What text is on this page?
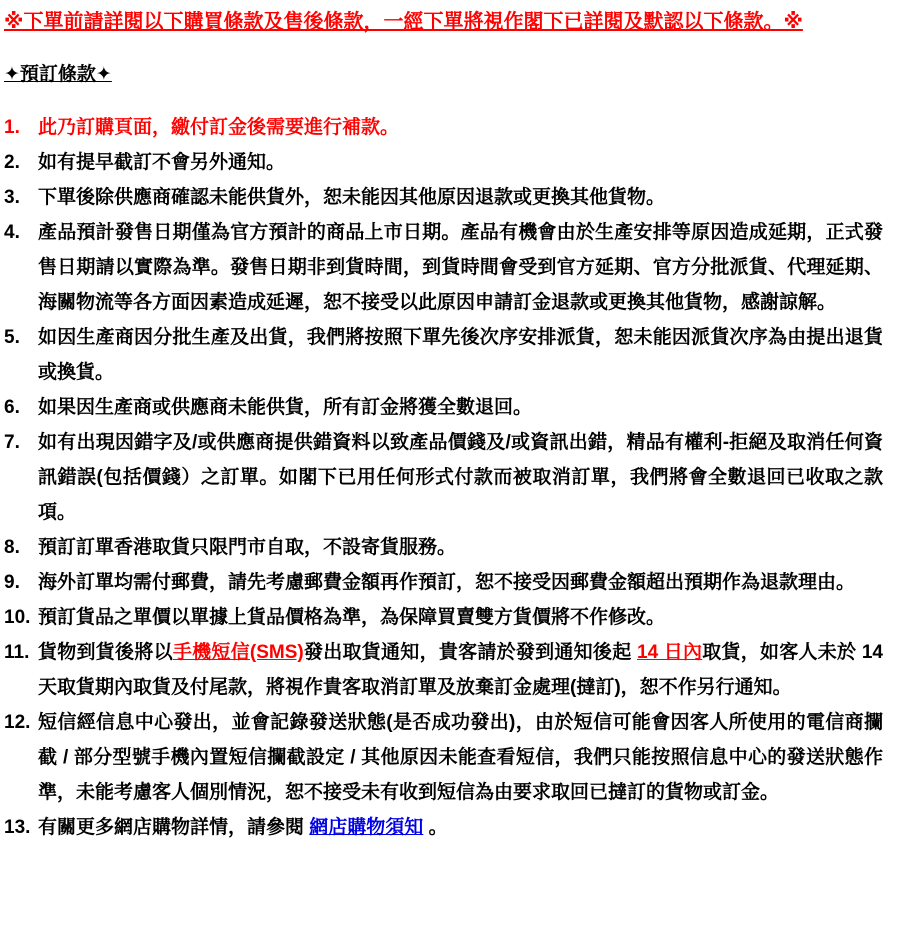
※下單前請詳閱以下購買條款及售後條款，一經下單將視作閣下已詳閱及默認以下條款。※
✦預訂條款✦
1. 此乃訂購頁面，繳付訂金後需要進行補款。
2. 如有提早截訂不會另外通知。
3. 下單後除供應商確認未能供貨外，恕未能因其他原因退款或更換其他貨物。
4. 產品預計發售日期僅為官方預計的商品上市日期。產品有機會由於生產安排等原因造成延期，正式發售日期請以實際為準。發售日期非到貨時間，到貨時間會受到官方延期、官方分批派貨、代理延期、海關物流等各方面因素造成延遲，恕不接受以此原因申請訂金退款或更換其他貨物，感謝諒解。
5. 如因生產商因分批生產及出貨，我們將按照下單先後次序安排派貨，恕未能因派貨次序為由提出退貨或換貨。
6. 如果因生產商或供應商未能供貨，所有訂金將獲全數退回。
7. 如有出現因錯字及/或供應商提供錯資料以致產品價錢及/或資訊出錯，精品有權利-拒絕及取消任何資訊錯誤(包括價錢）之訂單。如閣下已用任何形式付款而被取消訂單，我們將會全數退回已收取之款項。
8. 預訂訂單香港取貨只限門市自取，不設寄貨服務。
9. 海外訂單均需付郵費，請先考慮郵費金額再作預訂，恕不接受因郵費金額超出預期作為退款理由。
10. 預訂貨品之單價以單據上貨品價格為準，為保障買賣雙方貨價將不作修改。
11. 貨物到貨後將以手機短信(SMS)發出取貨通知，貴客請於發到通知後起 14 日內取貨，如客人未於 14 天取貨期內取貨及付尾款，將視作貴客取消訂單及放棄訂金處理(撻訂)，恕不作另行通知。
12. 短信經信息中心發出，並會記錄發送狀態(是否成功發出)，由於短信可能會因客人所使用的電信商攔截 / 部分型號手機內置短信攔截設定 / 其他原因未能查看短信，我們只能按照信息中心的發送狀態作準，未能考慮客人個別情況，恕不接受未有收到短信為由要求取回已撻訂的貨物或訂金。
13. 有關更多網店購物詳情，請參閱 網店購物須知 。
